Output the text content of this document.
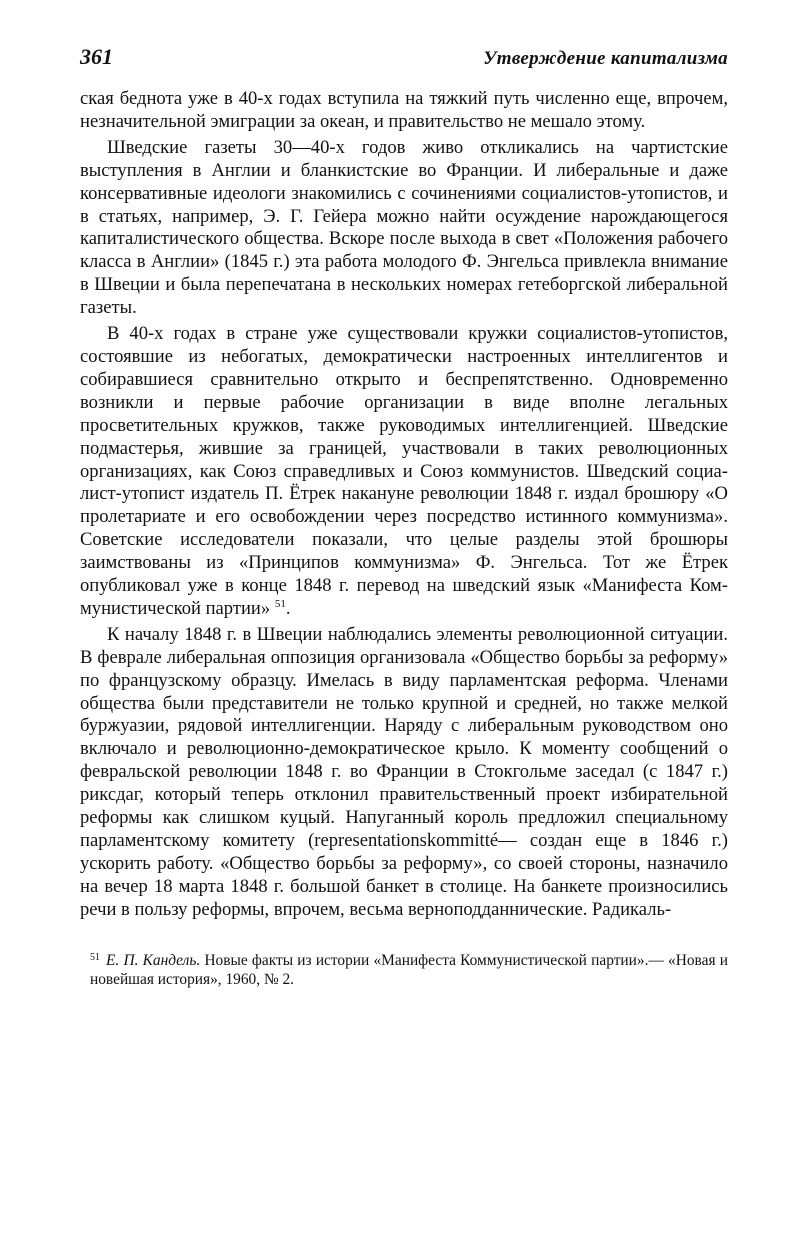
361	Утверждение капитализма

ская беднота уже в 40-х годах вступила на тяжкий путь численно еще, впрочем, незначительной эмиграции за океан, и правительство не мешало этому.

Шведские газеты 30—40-х годов живо откликались на чартистские выступления в Англии и бланкистские во Франции. И либеральные и даже консервативные идеологи знакомились с сочинениями социалистов-утопистов, и в статьях, например, Э. Г. Гейера можно найти осуждение нарождающегося капиталистического общества. Вскоре после выхода в свет «Положения рабочего класса в Англии» (1845 г.) эта работа молодого Ф. Энгельса привлекла внимание в Швеции и была перепечатана в нескольких номерах гетеборгской либеральной газеты.

В 40-х годах в стране уже существовали кружки социалистов-утопистов, состоявшие из небогатых, демократически настроенных интеллигентов и собиравшиеся сравнительно открыто и беспрепятственно. Одновременно возникли и первые рабочие организации в виде вполне легальных просветительных кружков, также руководимых интеллигенцией. Шведские подмастерья, жившие за границей, участвовали в таких революционных организациях, как Союз справедливых и Союз коммунистов. Шведский социалист-утопист издатель П. Ётрек накануне революции 1848 г. издал брошюру «О пролетариате и его освобождении через посредство истинного коммунизма». Советские исследователи показали, что целые разделы этой брошюры заимствованы из «Принципов коммунизма» Ф. Энгельса. Тот же Ётрек опубликовал уже в конце 1848 г. перевод на шведский язык «Манифеста Коммунистической партии» $^{51}$.

К началу 1848 г. в Швеции наблюдались элементы революционной ситуации. В феврале либеральная оппозиция организовала «Общество борьбы за реформу» по французскому образцу. Имелась в виду парламентская реформа. Членами общества были представители не только крупной и средней, но также мелкой буржуазии, рядовой интеллигенции. Наряду с либеральным руководством оно включало и революционно-демократическое крыло. К моменту сообщений о февральской революции 1848 г. во Франции в Стокгольме заседал (с 1847 г.) риксдаг, который теперь отклонил правительственный проект избирательной реформы как слишком куцый. Напуганный король предложил специальному парламентскому комитету (representationskommitté— создан еще в 1846 г.) ускорить работу. «Общество борьбы за реформу», со своей стороны, назначило на вечер 18 марта 1848 г. большой банкет в столице. На банкете произносились речи в пользу реформы, впрочем, весьма верноподданнические. Радикаль-

$^{51}$ Е. П. Кандель. Новые факты из истории «Манифеста Коммунистической партии».— «Новая и новейшая история», 1960, № 2.
